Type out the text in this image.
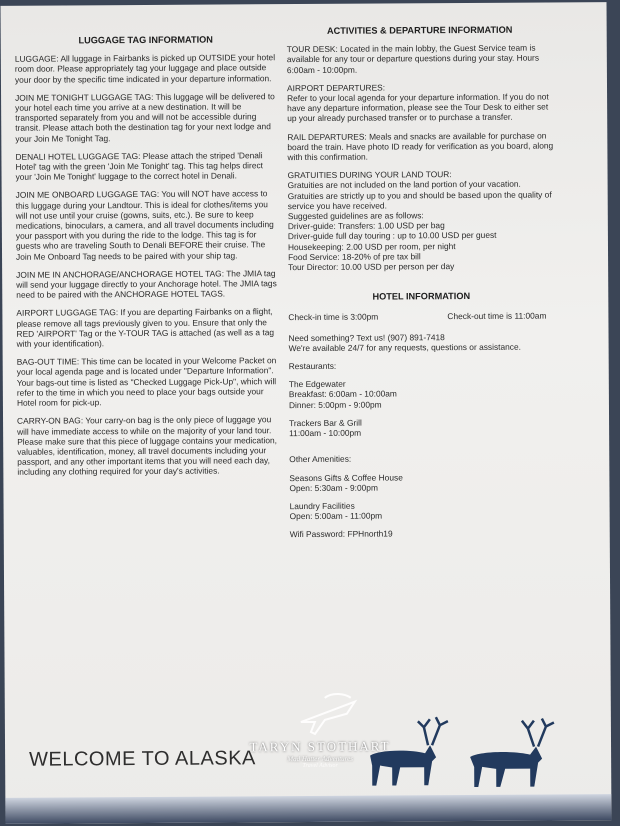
LUGGAGE TAG INFORMATION

LUGGAGE: All luggage in Fairbanks is picked up OUTSIDE your hotel room door. Please appropriately tag your luggage and place outside your door by the specific time indicated in your departure information.

JOIN ME TONIGHT LUGGAGE TAG: This luggage will be delivered to your hotel each time you arrive at a new destination. It will be transported separately from you and will not be accessible during transit. Please attach both the destination tag for your next lodge and your Join Me Tonight Tag.

DENALI HOTEL LUGGAGE TAG: Please attach the striped 'Denali Hotel' tag with the green 'Join Me Tonight' tag. This tag helps direct your 'Join Me Tonight' luggage to the correct hotel in Denali.

JOIN ME ONBOARD LUGGAGE TAG: You will NOT have access to this luggage during your Landtour. This is ideal for clothes/items you will not use until your cruise (gowns, suits, etc.). Be sure to keep medications, binoculars, a camera, and all travel documents including your passport with you during the ride to the lodge. This tag is for guests who are traveling South to Denali BEFORE their cruise. The Join Me Onboard Tag needs to be paired with your ship tag.

JOIN ME IN ANCHORAGE/ANCHORAGE HOTEL TAG: The JMIA tag will send your luggage directly to your Anchorage hotel. The JMIA tags need to be paired with the ANCHORAGE HOTEL TAGS.

AIRPORT LUGGAGE TAG: If you are departing Fairbanks on a flight, please remove all tags previously given to you. Ensure that only the RED 'AIRPORT' Tag or the Y-TOUR TAG is attached (as well as a tag with your identification).

BAG-OUT TIME: This time can be located in your Welcome Packet on your local agenda page and is located under "Departure Information". Your bags-out time is listed as "Checked Luggage Pick-Up", which will refer to the time in which you need to place your bags outside your Hotel room for pick-up.

CARRY-ON BAG: Your carry-on bag is the only piece of luggage you will have immediate access to while on the majority of your land tour. Please make sure that this piece of luggage contains your medication, valuables, identification, money, all travel documents including your passport, and any other important items that you will need each day, including any clothing required for your day's activities.

ACTIVITIES & DEPARTURE INFORMATION

TOUR DESK: Located in the main lobby, the Guest Service team is available for any tour or departure questions during your stay. Hours 6:00am - 10:00pm.

AIRPORT DEPARTURES:
Refer to your local agenda for your departure information. If you do not have any departure information, please see the Tour Desk to either set up your already purchased transfer or to purchase a transfer.

RAIL DEPARTURES: Meals and snacks are available for purchase on board the train. Have photo ID ready for verification as you board, along with this confirmation.

GRATUITIES DURING YOUR LAND TOUR:
Gratuities are not included on the land portion of your vacation. Gratuities are strictly up to you and should be based upon the quality of service you have received.
Suggested guidelines are as follows:
Driver-guide: Transfers: 1.00 USD per bag
Driver-guide full day touring : up to 10.00 USD per guest
Housekeeping: 2.00 USD per room, per night
Food Service: 18-20% of pre tax bill
Tour Director: 10.00 USD per person per day

HOTEL INFORMATION
Check-in time is 3:00pm	Check-out time is 11:00am

Need something? Text us! (907) 891-7418
We're available 24/7 for any requests, questions or assistance.

Restaurants:

The Edgewater
Breakfast: 6:00am - 10:00am
Dinner: 5:00pm - 9:00pm

Trackers Bar & Grill
11:00am - 10:00pm

Other Amenities:

Seasons Gifts & Coffee House
Open: 5:30am - 9:00pm

Laundry Facilities
Open: 5:00am - 11:00pm

Wifi Password: FPHnorth19

WELCOME TO ALASKA
TARYN STOTHART
Mad Hatter Adventures
Travel Advisor
